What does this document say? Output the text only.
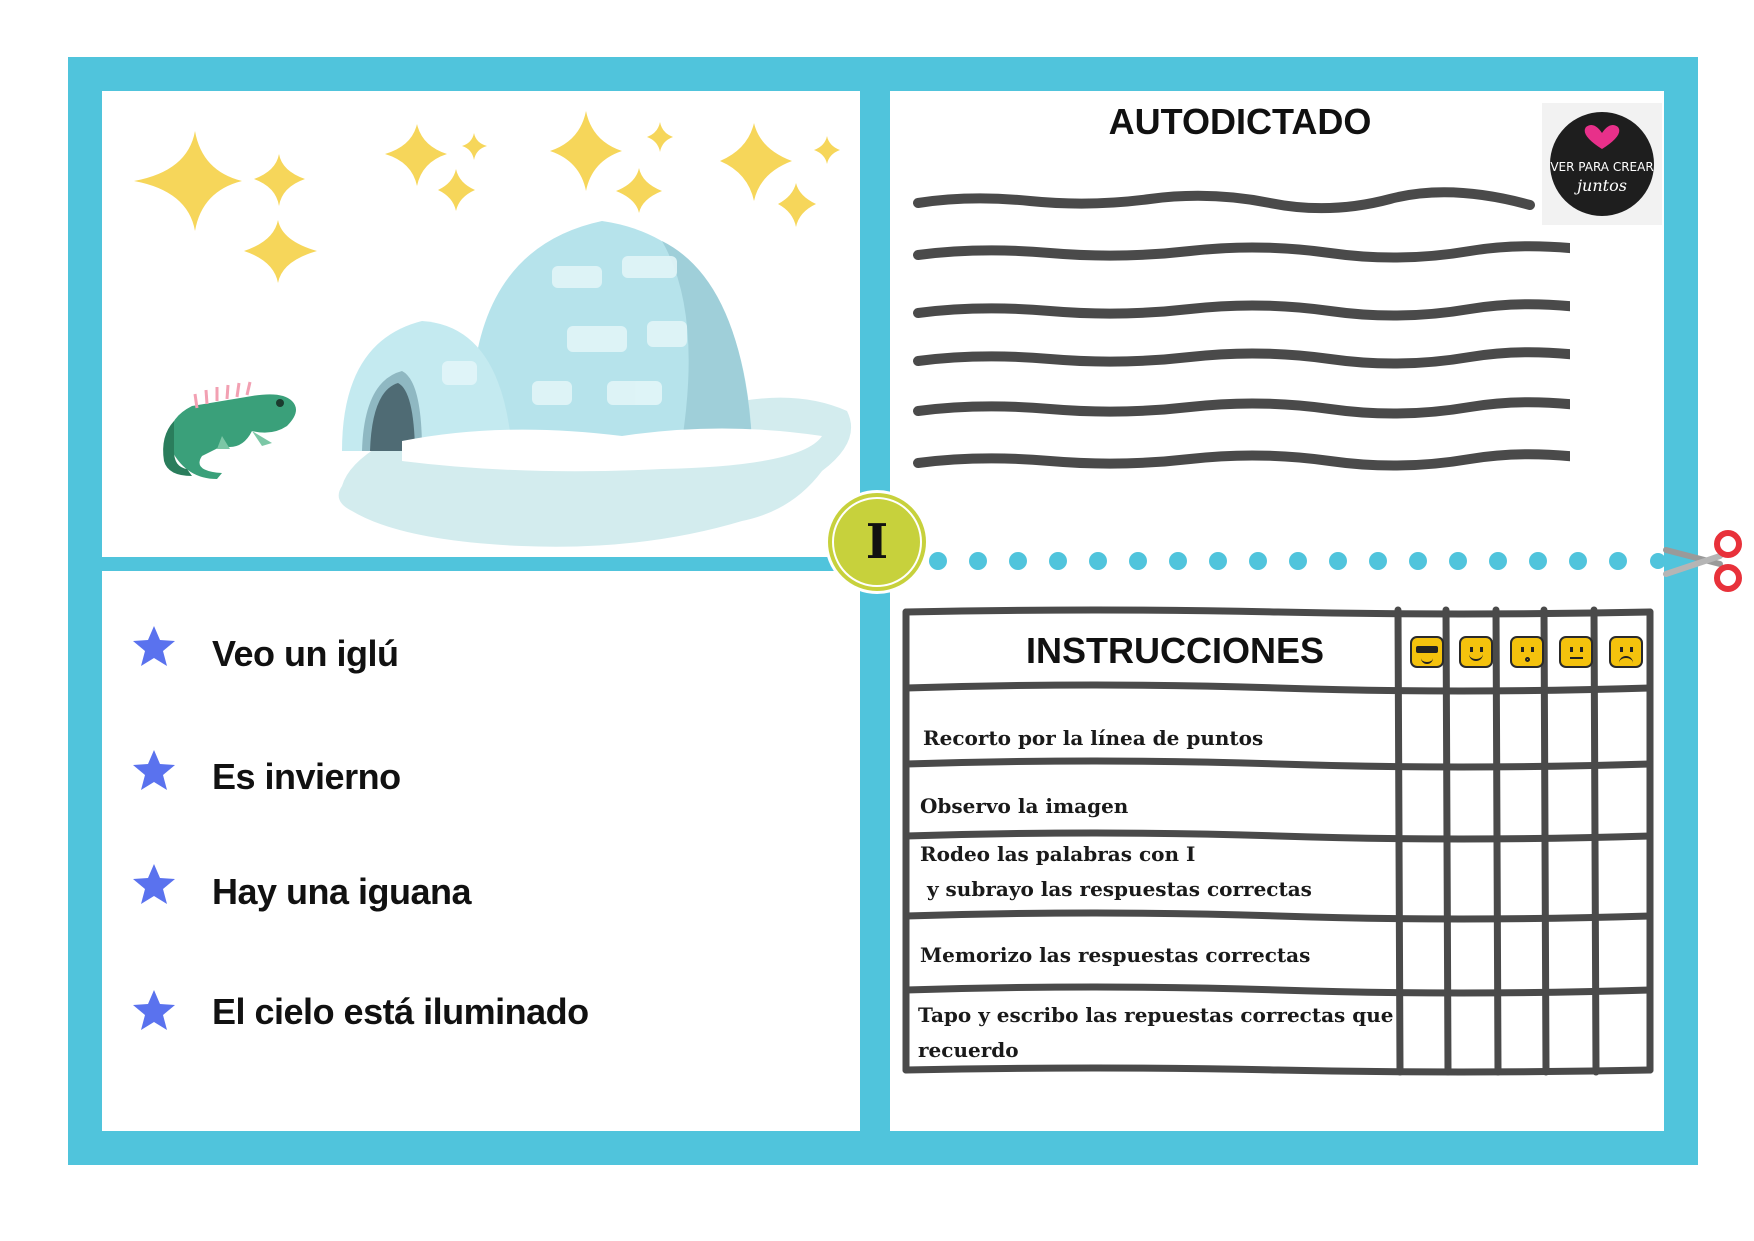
Veo un iglú
Es invierno
Hay una iguana
El cielo está iluminado
AUTODICTADO
VER PARA CREAR
juntos
I
INSTRUCCIONES
Recorto por la línea de puntos
Observo la imagen
Rodeo las palabras con I
y subrayo las respuestas correctas
Memorizo las respuestas correctas
Tapo y escribo las repuestas correctas que
recuerdo
